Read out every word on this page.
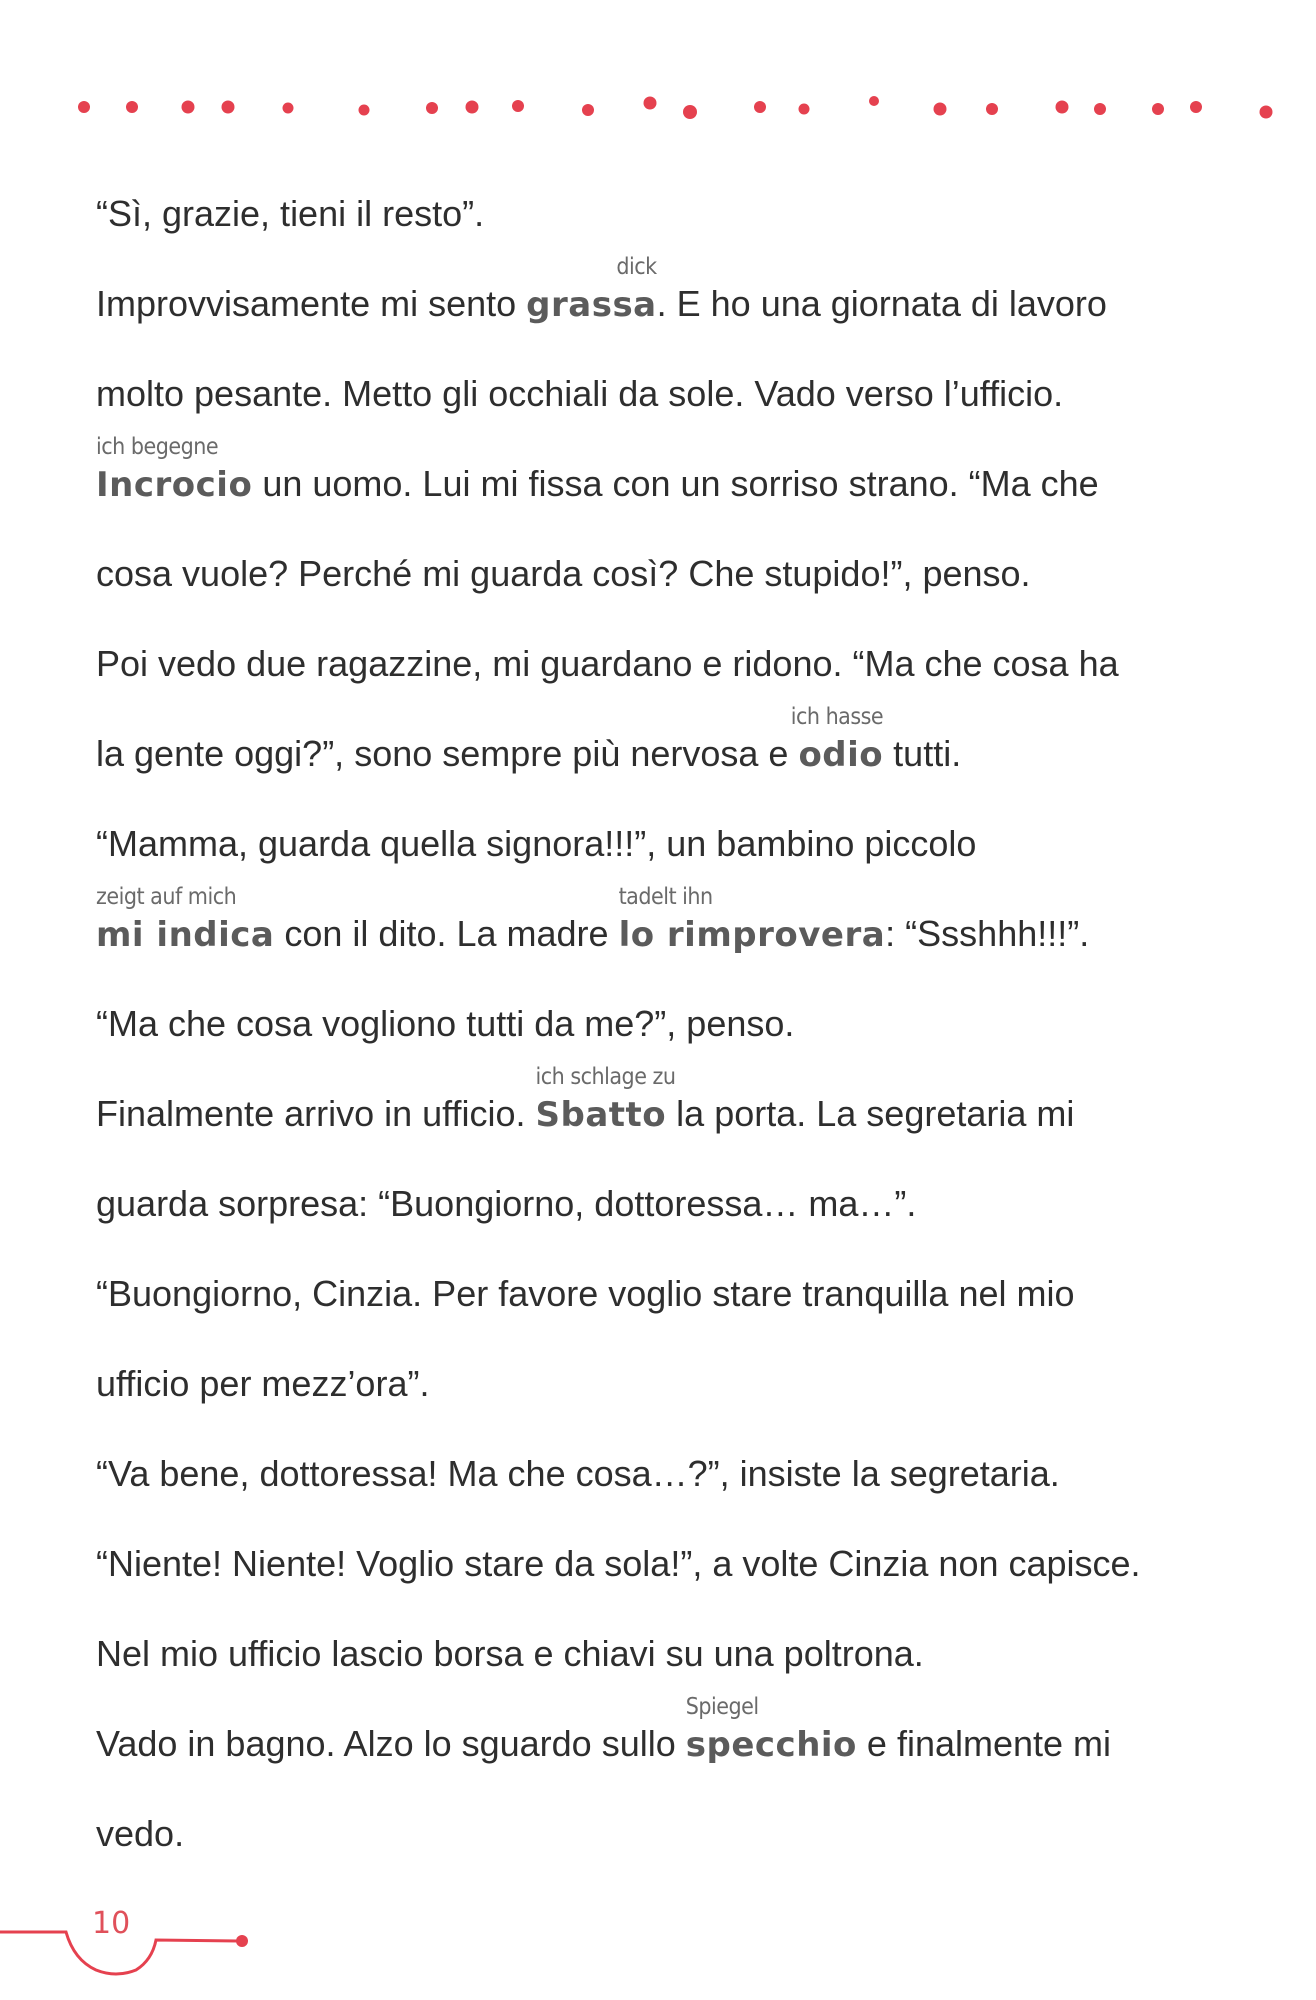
“Sì, grazie, tieni il resto”.
Improvvisamente mi sento
dick
grassa. E ho una giornata di lavoro
molto pesante. Metto gli occhiali da sole. Vado verso l’ufficio.
ich begegne
Incrocio un uomo. Lui mi fissa con un sorriso strano. “Ma che
cosa vuole? Perché mi guarda così? Che stupido!”, penso.
Poi vedo due ragazzine, mi guardano e ridono. “Ma che cosa ha
la gente oggi?”, sono sempre più nervosa e
ich hasse
odio tutti.
“Mamma, guarda quella signora!!!”, un bambino piccolo
zeigt auf mich
mi indica con il dito. La madre
tadelt ihn
lo rimprovera: “Ssshhh!!!”.
“Ma che cosa vogliono tutti da me?”, penso.
Finalmente arrivo in ufficio.
ich schlage zu
Sbatto la porta. La segretaria mi
guarda sorpresa: “Buongiorno, dottoressa… ma…”.
“Buongiorno, Cinzia. Per favore voglio stare tranquilla nel mio
ufficio per mezz’ora”.
“Va bene, dottoressa! Ma che cosa…?”, insiste la segretaria.
“Niente! Niente! Voglio stare da sola!”, a volte Cinzia non capisce.
Nel mio ufficio lascio borsa e chiavi su una poltrona.
Vado in bagno. Alzo lo sguardo sullo
Spiegel
specchio e finalmente mi
vedo.
10
